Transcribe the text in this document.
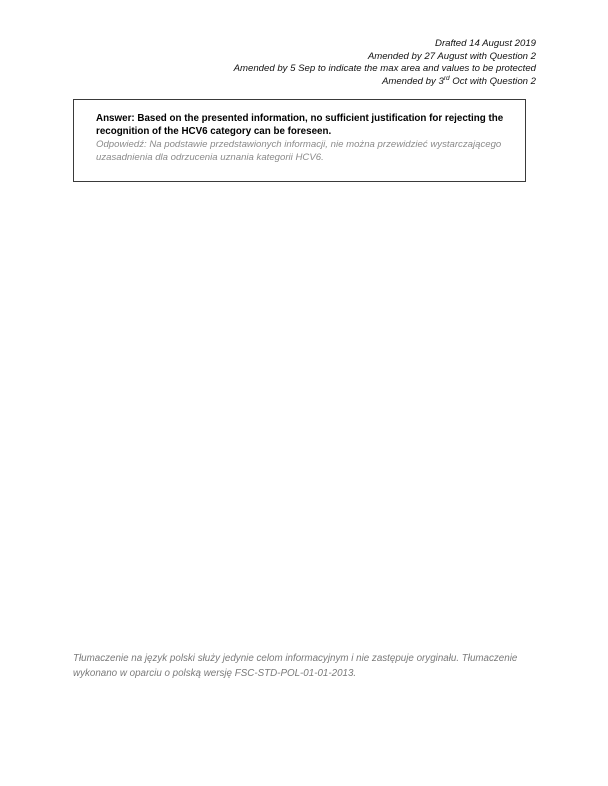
Drafted 14 August 2019
Amended by 27 August with Question 2
Amended by 5 Sep to indicate the max area and values to be protected
Amended by 3rd Oct with Question 2

Answer: Based on the presented information, no sufficient justification for rejecting the recognition of the HCV6 category can be foreseen.

Odpowiedź: Na podstawie przedstawionych informacji, nie można przewidzieć wystarczającego uzasadnienia dla odrzucenia uznania kategorii HCV6.

Tłumaczenie na język polski służy jedynie celom informacyjnym i nie zastępuje oryginału. Tłumaczenie wykonano w oparciu o polską wersję FSC-STD-POL-01-01-2013.
